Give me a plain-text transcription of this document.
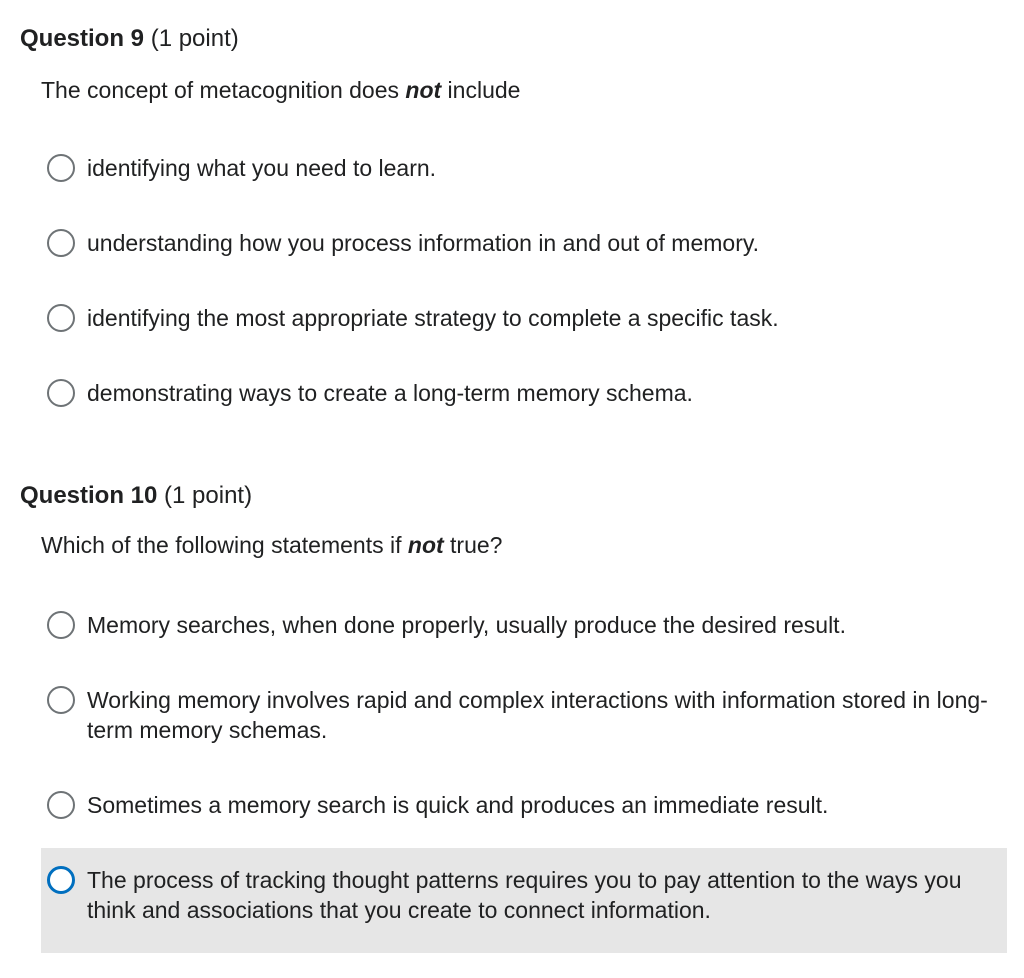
Question 9 (1 point)
The concept of metacognition does not include
identifying what you need to learn.
understanding how you process information in and out of memory.
identifying the most appropriate strategy to complete a specific task.
demonstrating ways to create a long-term memory schema.
Question 10 (1 point)
Which of the following statements if not true?
Memory searches, when done properly, usually produce the desired result.
Working memory involves rapid and complex interactions with information stored in long-term memory schemas.
Sometimes a memory search is quick and produces an immediate result.
The process of tracking thought patterns requires you to pay attention to the ways you think and associations that you create to connect information.
